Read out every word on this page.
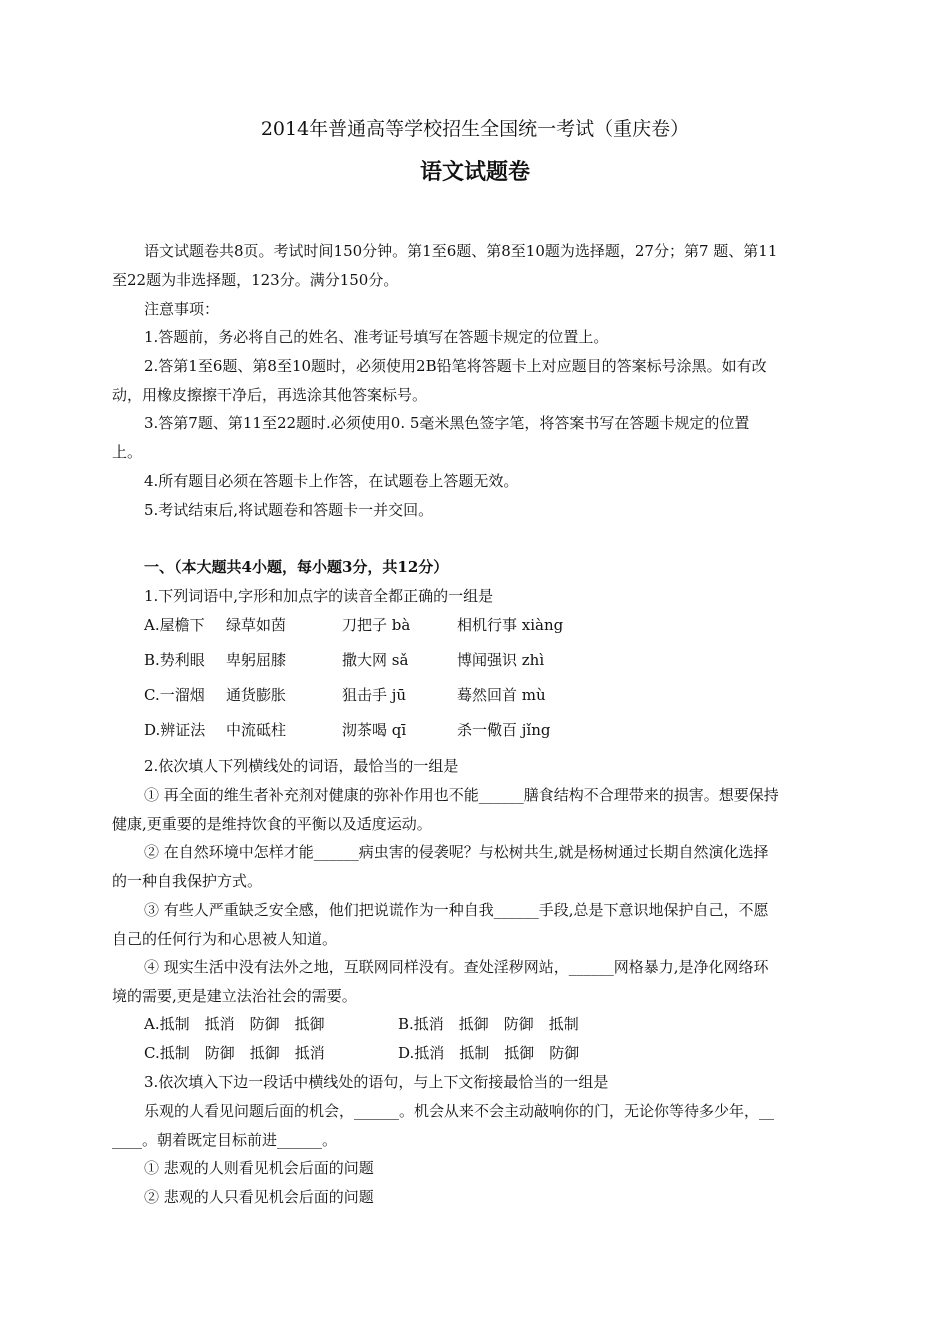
2014年普通高等学校招生全国统一考试（重庆卷）
语文试题卷
语文试题卷共8页。考试时间150分钟。第1至6题、第8至10题为选择题，27分；第7 题、第11
至22题为非选择题，123分。满分150分。
注意事项：
1.答题前，务必将自己的姓名、准考证号填写在答题卡规定的位置上。
2.答第1至6题、第8至10题时，必须使用2B铅笔将答题卡上对应题目的答案标号涂黑。如有改
动，用橡皮擦擦干净后，再选涂其他答案标号。
3.答第7题、第11至22题时.必须使用0. 5毫米黑色签字笔，将答案书写在答题卡规定的位置
上。
4.所有题目必须在答题卡上作答，在试题卷上答题无效。
5.考试结束后,将试题卷和答题卡一并交回。
一、（本大题共4小题，每小题3分，共12分）
1.下列词语中,字形和加点字的读音全都正确的一组是
A.屋檐下 绿草如茵	刀把子 bà	相机行事 xiàng
B.势利眼 卑躬屈膝	撒大网 sǎ	博闻强识 zhì
C.一溜烟 通货膨胀	狙击手 jū	蓦然回首 mù
D.辨证法 中流砥柱	沏茶喝 qī	杀一儆百 jǐng
2.依次填人下列横线处的词语，最恰当的一组是
① 再全面的维生者补充剂对健康的弥补作用也不能______膳食结构不合理带来的损害。想要保持
健康,更重要的是维持饮食的平衡以及适度运动。
② 在自然环境中怎样才能______病虫害的侵袭呢？与松树共生,就是杨树通过长期自然演化选择
的一种自我保护方式。
③ 有些人严重缺乏安全感，他们把说谎作为一种自我______手段,总是下意识地保护自己，不愿
自己的任何行为和心思被人知道。
④ 现实生活中没有法外之地，互联网同样没有。查处淫秽网站，______网格暴力,是净化网络环
境的需要,更是建立法治社会的需要。
A.抵制　抵消　防御　抵御	B.抵消　抵御　防御　抵制
C.抵制　防御　抵御　抵消	D.抵消　抵制　抵御　防御
3.依次填入下边一段话中横线处的语句，与上下文衔接最恰当的一组是
乐观的人看见问题后面的机会，______。机会从来不会主动敲响你的门，无论你等待多少年，__
____。朝着既定目标前进______。
① 悲观的人则看见机会后面的问题
② 悲观的人只看见机会后面的问题
